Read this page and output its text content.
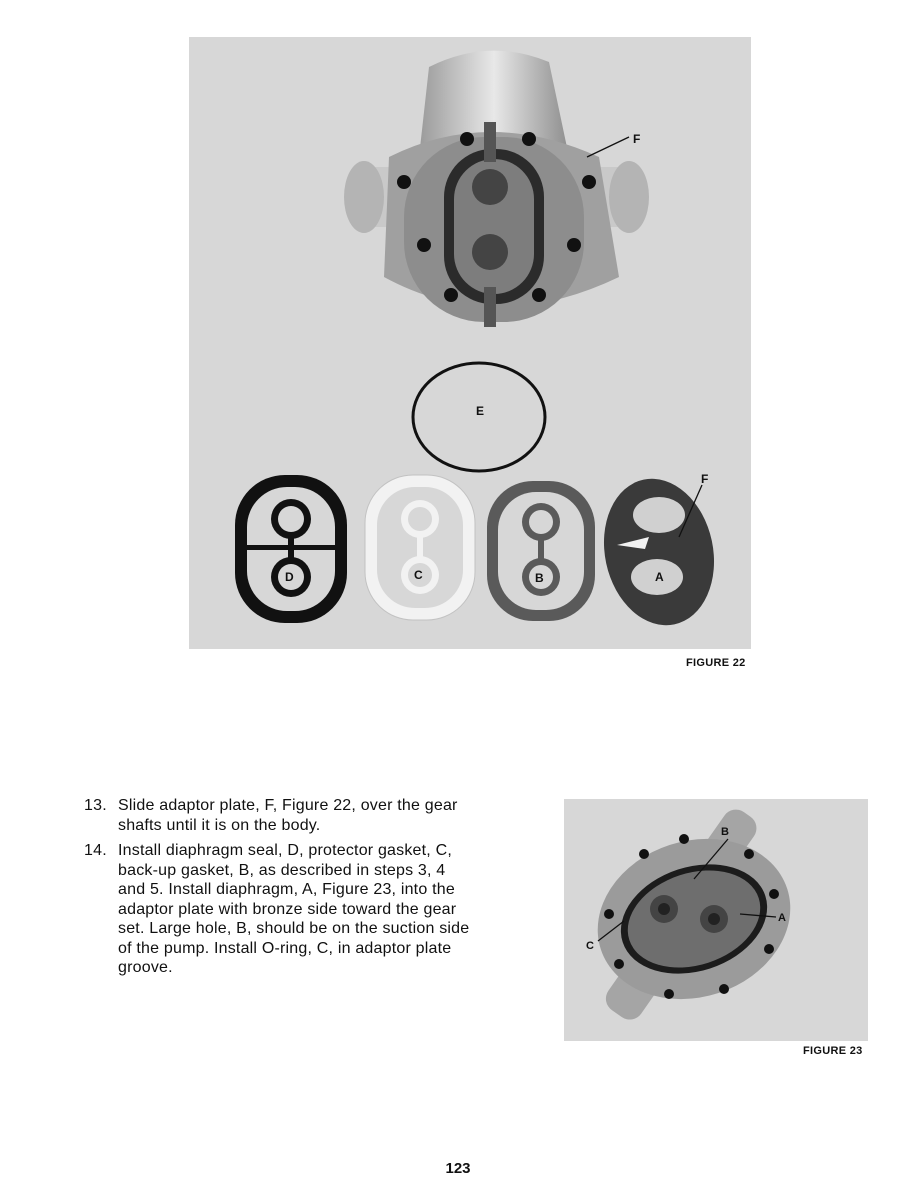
F
E
D	C	B	A
F
FIGURE 22
13. Slide adaptor plate, F, Figure 22, over the gear shafts until it is on the body.
14. Install diaphragm seal, D, protector gasket, C, back-up gasket, B, as described in steps 3, 4 and 5. Install diaphragm, A, Figure 23, into the adaptor plate with bronze side toward the gear set. Large hole, B, should be on the suction side of the pump. Install O-ring, C, in adaptor plate groove.
B
A
C
FIGURE 23
123
